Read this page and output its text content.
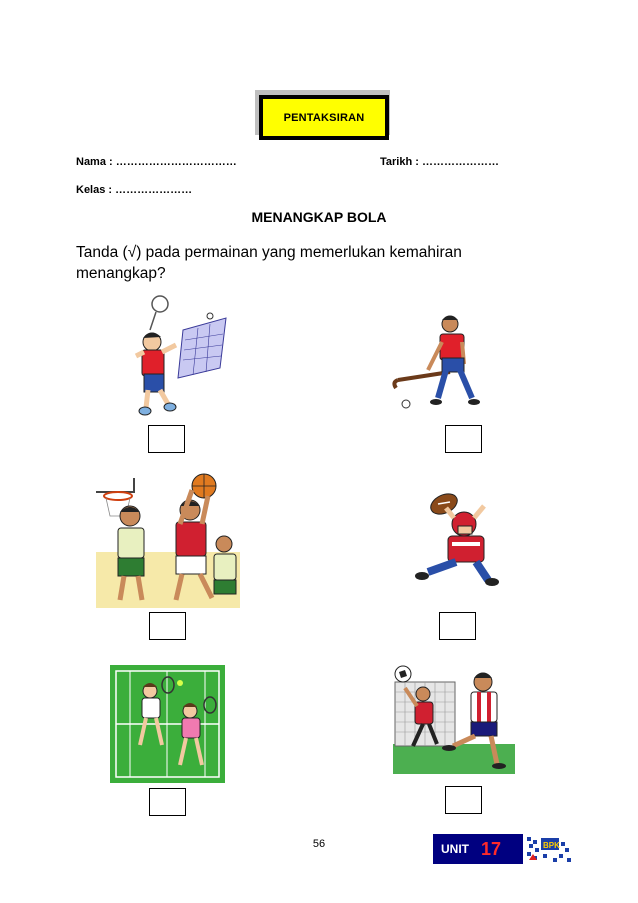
PENTAKSIRAN
Nama : ……………………………	Tarikh : …………………
Kelas : …………………
MENANGKAP BOLA
Tanda (√) pada permainan yang memerlukan kemahiran menangkap?
56	UNIT 17	BPK
